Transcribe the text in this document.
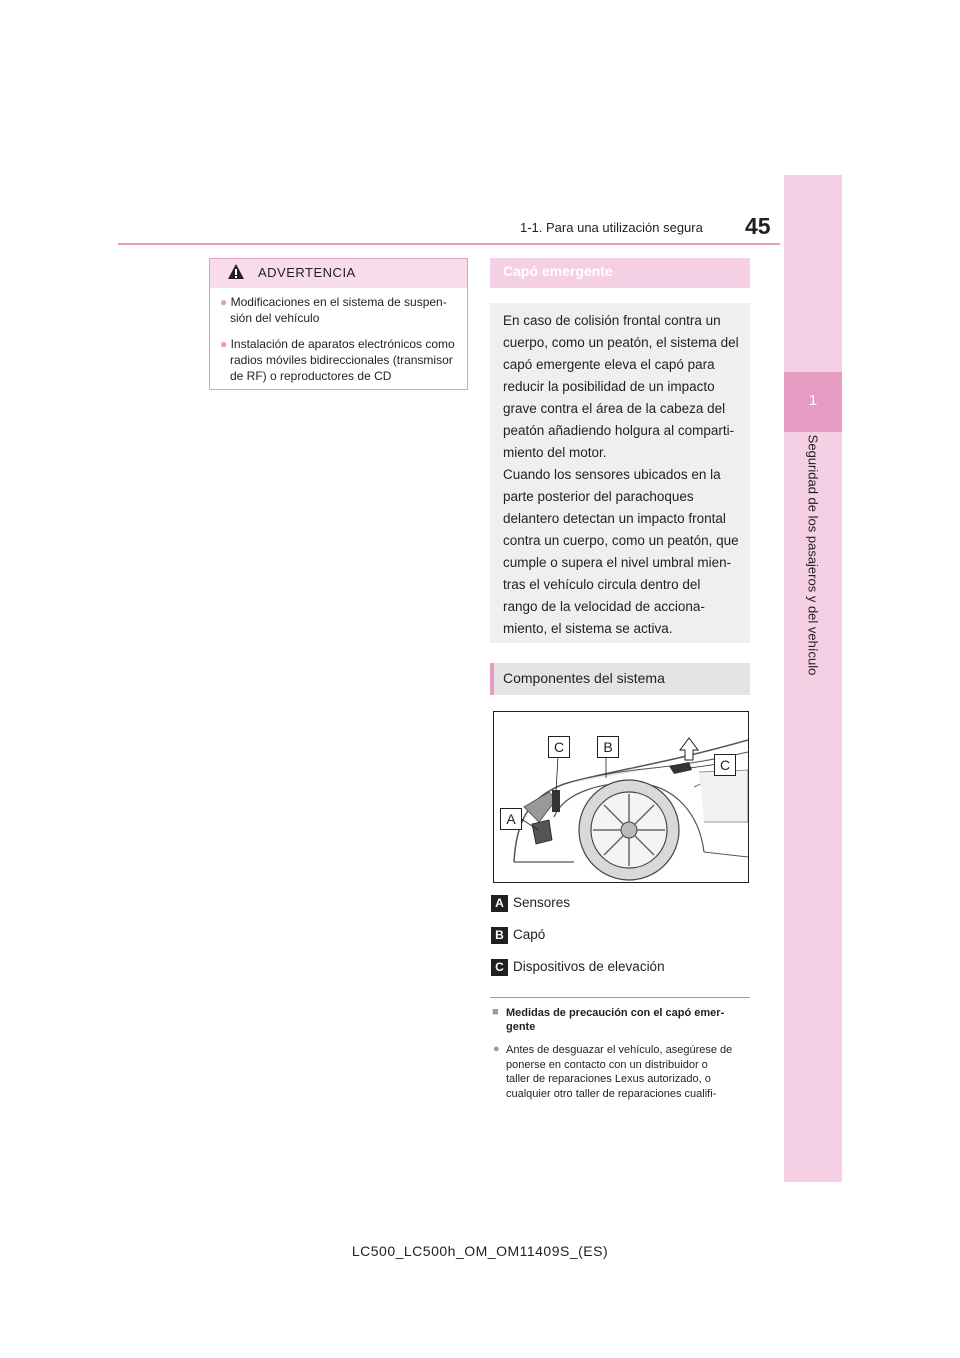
1
Seguridad de los pasajeros y del vehículo
1-1. Para una utilización segura 45
● Modificaciones en el sistema de suspen-
sión del vehículo
● Instalación de aparatos electrónicos como
radios móviles bidireccionales (transmisor
de RF) o reproductores de CD
ADVERTENCIA	Capó emergente
En caso de colisión frontal contra un
cuerpo, como un peatón, el sistema del
capó emergente eleva el capó para
reducir la posibilidad de un impacto
grave contra el área de la cabeza del
peatón añadiendo holgura al comparti-
miento del motor.
Cuando los sensores ubicados en la
parte posterior del parachoques
delantero detectan un impacto frontal
contra un cuerpo, como un peatón, que
cumple o supera el nivel umbral mien-
tras el vehículo circula dentro del
rango de la velocidad de acciona-
miento, el sistema se activa.
Componentes del sistema
C	B
C
A
A Sensores
B Capó
C Dispositivos de elevación
■ Medidas de precaución con el capó emer-
gente
● Antes de desguazar el vehículo, asegúrese de
ponerse en contacto con un distribuidor o
taller de reparaciones Lexus autorizado, o
cualquier otro taller de reparaciones cualifi-
LC500_LC500h_OM_OM11409S_(ES)
